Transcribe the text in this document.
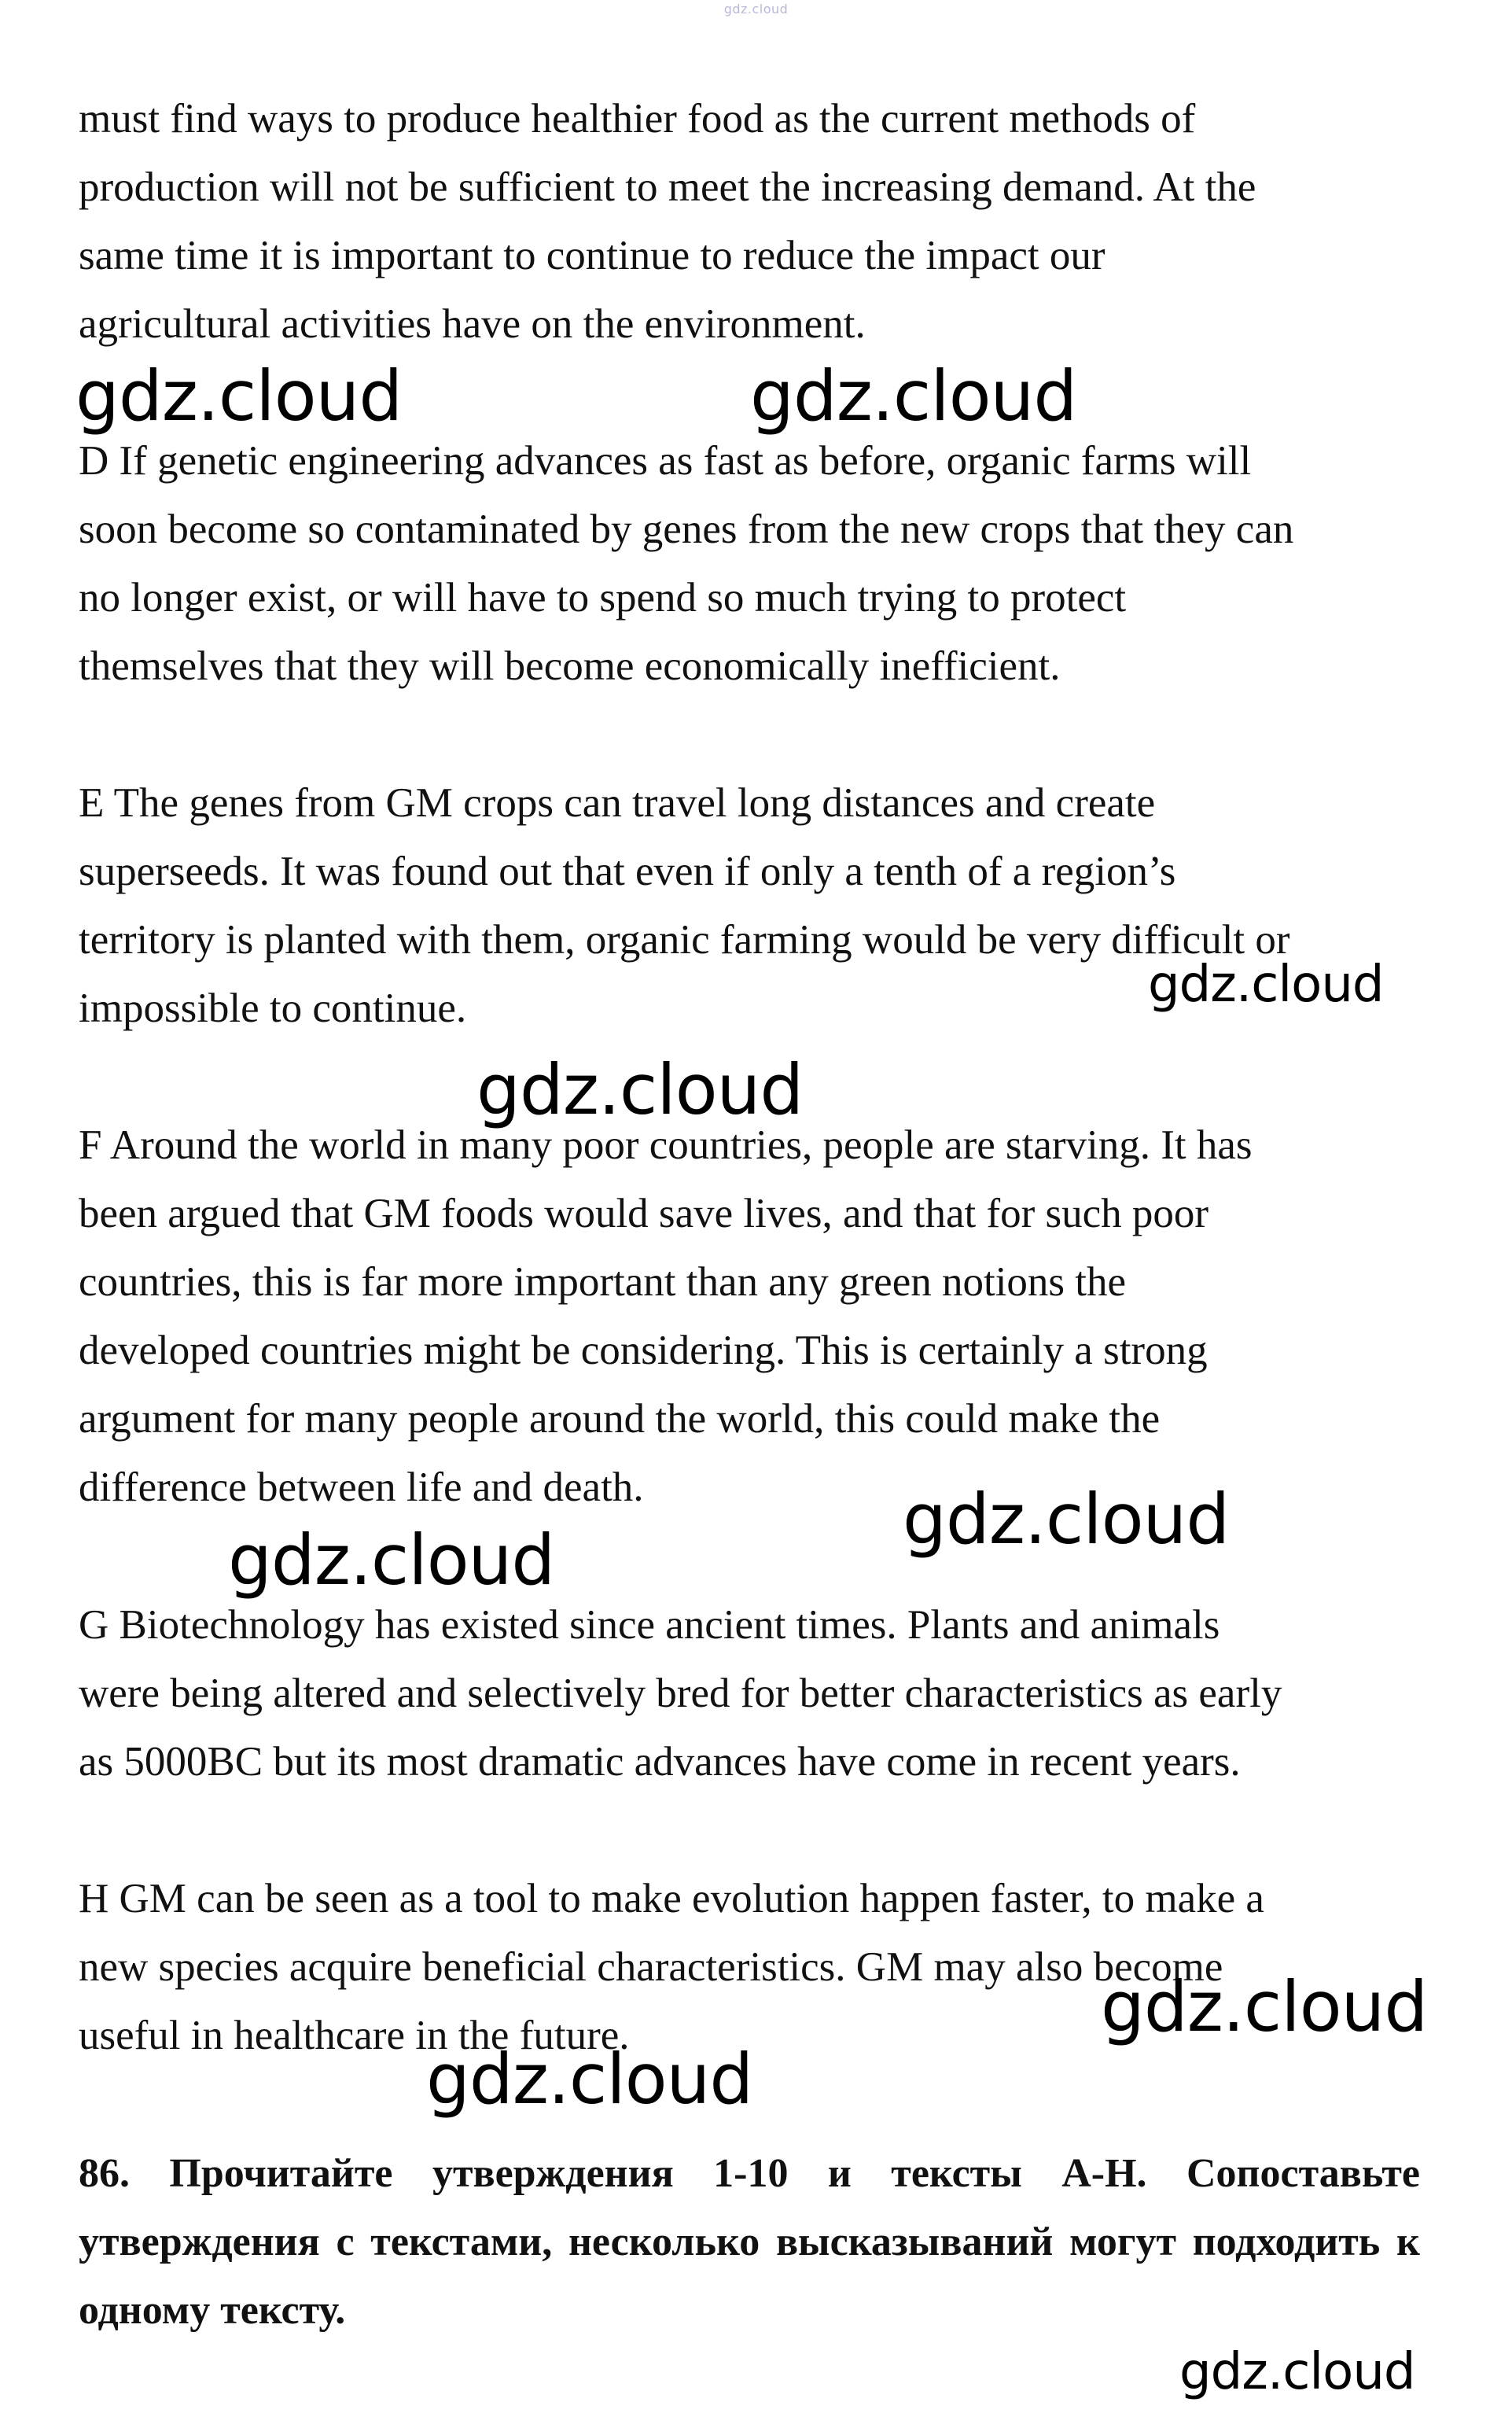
gdz.cloud
must find ways to produce healthier food as the current methods of
production will not be sufficient to meet the increasing demand. At the
same time it is important to continue to reduce the impact our
agricultural activities have on the environment.
D If genetic engineering advances as fast as before, organic farms will
soon become so contaminated by genes from the new crops that they can
no longer exist, or will have to spend so much trying to protect
themselves that they will become economically inefficient.
E The genes from GM crops can travel long distances and create
superseeds. It was found out that even if only a tenth of a region’s
territory is planted with them, organic farming would be very difficult or
impossible to continue.
F Around the world in many poor countries, people are starving. It has
been argued that GM foods would save lives, and that for such poor
countries, this is far more important than any green notions the
developed countries might be considering. This is certainly a strong
argument for many people around the world, this could make the
difference between life and death.
G Biotechnology has existed since ancient times. Plants and animals
were being altered and selectively bred for better characteristics as early
as 5000BC but its most dramatic advances have come in recent years.
H GM can be seen as a tool to make evolution happen faster, to make a
new species acquire beneficial characteristics. GM may also become
useful in healthcare in the future.

86. Прочитайте утверждения 1-10 и тексты A-H. Сопоставьте утверждения с текстами, несколько высказываний могут подходить к одному тексту.

gdz.cloud	gdz.cloud
gdz.cloud
gdz.cloud
gdz.cloud
gdz.cloud
gdz.cloud
gdz.cloud
gdz.cloud
